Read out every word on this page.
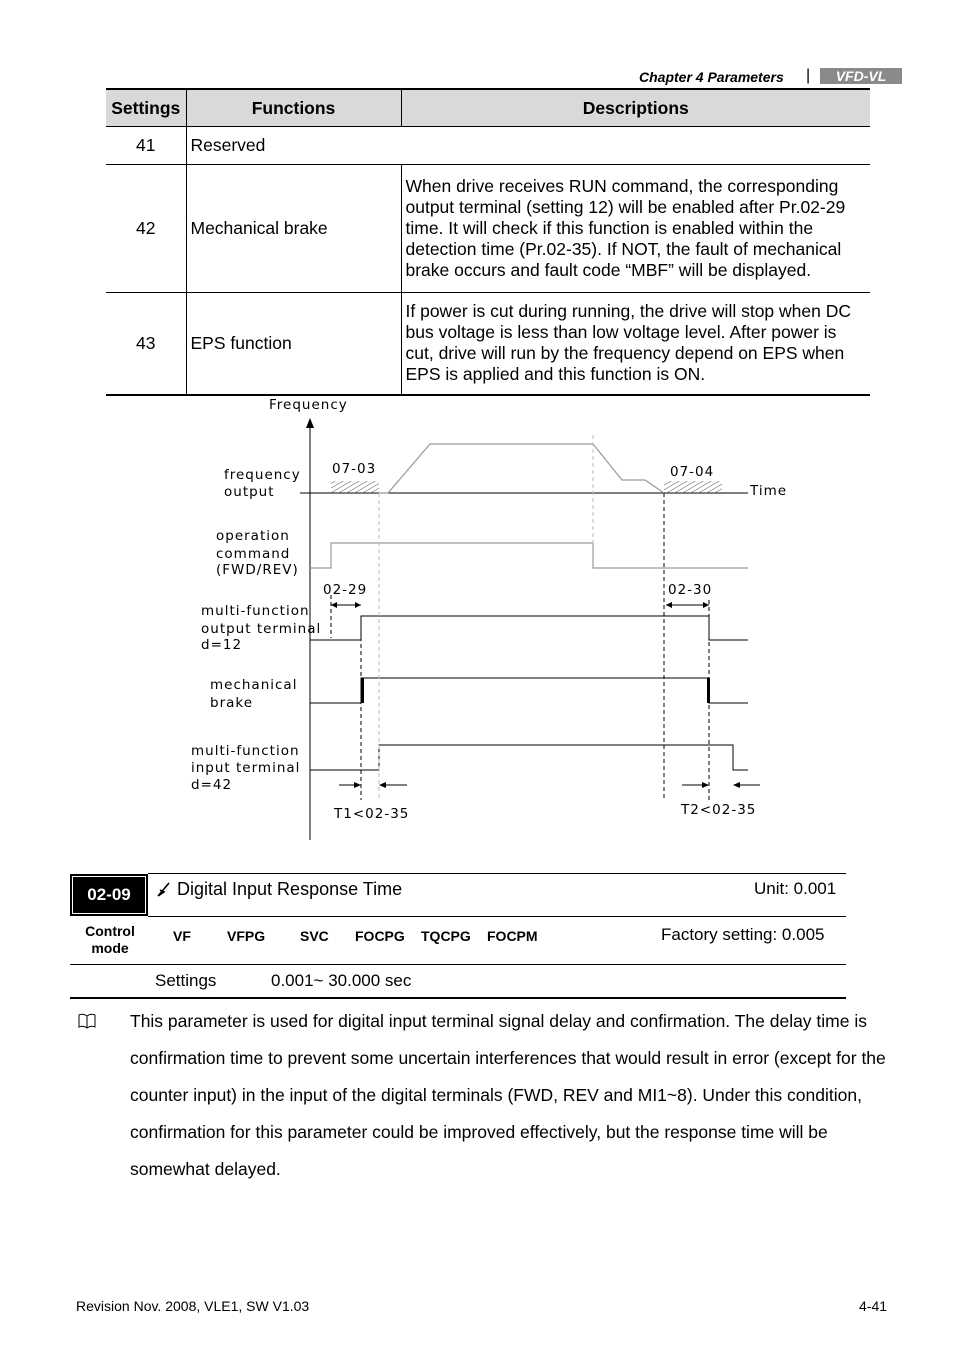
Chapter 4 Parameters | VFD-VL
Settings	Functions	Descriptions
41	Reserved	
42	Mechanical brake	When drive receives RUN command, the corresponding output terminal (setting 12) will be enabled after Pr.02-29 time. It will check if this function is enabled within the detection time (Pr.02-35). If NOT, the fault of mechanical brake occurs and fault code “MBF” will be displayed.
43	EPS function	If power is cut during running, the drive will stop when DC bus voltage is less than low voltage level. After power is cut, drive will run by the frequency depend on EPS when EPS is applied and this function is ON.
Frequency
Time
frequency
output
07-03	07-04
operation
command
(FWD/REV)
02-29	02-30
multi-function
output terminal
d=12
mechanical
brake
multi-function
input terminal
d=42
T1<02-35	T2<02-35
02-09	Digital Input Response Time	Unit: 0.001
Control
mode
VF	VFPG SVC FOCPG TQCPG FOCPM	Factory setting: 0.005
Settings	0.001~ 30.000 sec
This parameter is used for digital input terminal signal delay and confirmation. The delay time is confirmation time to prevent some uncertain interferences that would result in error (except for the counter input) in the input of the digital terminals (FWD, REV and MI1~8). Under this condition, confirmation for this parameter could be improved effectively, but the response time will be somewhat delayed.
Revision Nov. 2008, VLE1, SW V1.03	4-41
